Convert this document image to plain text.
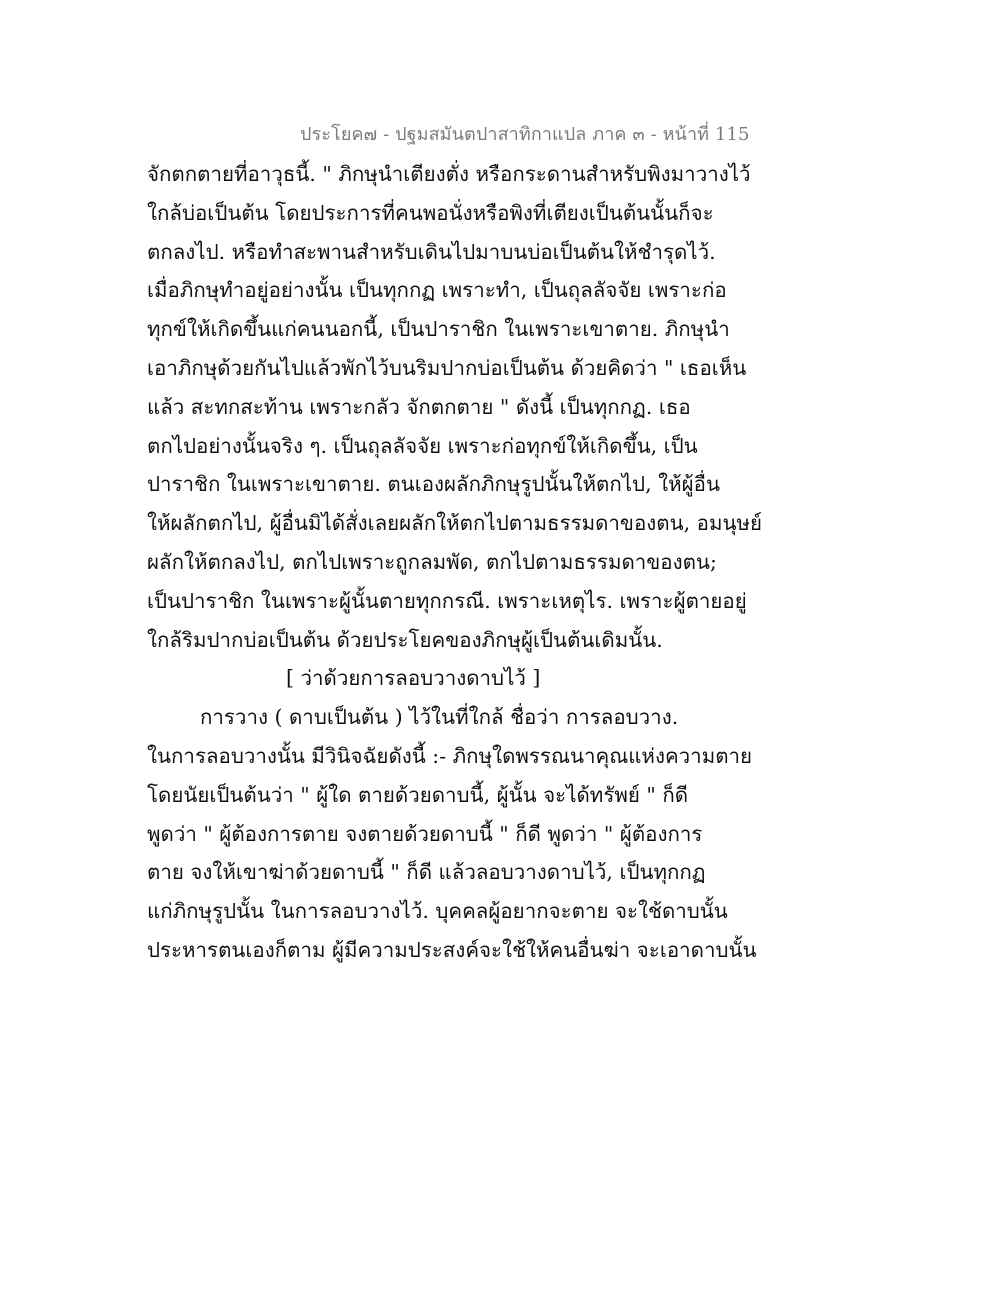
ประโยค๗ - ปฐมสมันตปาสาทิกาแปล ภาค ๓ - หน้าที่ 115
จักตกตายที่อาวุธนี้. " ภิกษุนำเตียงตั่ง หรือกระดานสำหรับพิงมาวางไว้
ใกล้บ่อเป็นต้น โดยประการที่คนพอนั่งหรือพิงที่เตียงเป็นต้นนั้นก็จะ
ตกลงไป. หรือทำสะพานสำหรับเดินไปมาบนบ่อเป็นต้นให้ชำรุดไว้.
เมื่อภิกษุทำอยู่อย่างนั้น เป็นทุกกฏ เพราะทำ, เป็นถุลลัจจัย เพราะก่อ
ทุกข์ให้เกิดขึ้นแก่คนนอกนี้, เป็นปาราชิก ในเพราะเขาตาย. ภิกษุนำ
เอาภิกษุด้วยกันไปแล้วพักไว้บนริมปากบ่อเป็นต้น ด้วยคิดว่า " เธอเห็น
แล้ว สะทกสะท้าน เพราะกลัว จักตกตาย " ดังนี้ เป็นทุกกฏ. เธอ
ตกไปอย่างนั้นจริง ๆ. เป็นถุลลัจจัย เพราะก่อทุกข์ให้เกิดขึ้น, เป็น
ปาราชิก ในเพราะเขาตาย. ตนเองผลักภิกษุรูปนั้นให้ตกไป, ให้ผู้อื่น
ให้ผลักตกไป, ผู้อื่นมิได้สั่งเลยผลักให้ตกไปตามธรรมดาของตน, อมนุษย์
ผลักให้ตกลงไป, ตกไปเพราะถูกลมพัด, ตกไปตามธรรมดาของตน;
เป็นปาราชิก ในเพราะผู้นั้นตายทุกกรณี. เพราะเหตุไร. เพราะผู้ตายอยู่
ใกล้ริมปากบ่อเป็นต้น ด้วยประโยคของภิกษุผู้เป็นต้นเดิมนั้น.
[ ว่าด้วยการลอบวางดาบไว้ ]
การวาง ( ดาบเป็นต้น ) ไว้ในที่ใกล้ ชื่อว่า การลอบวาง.
ในการลอบวางนั้น มีวินิจฉัยดังนี้ :- ภิกษุใดพรรณนาคุณแห่งความตาย
โดยนัยเป็นต้นว่า " ผู้ใด ตายด้วยดาบนี้, ผู้นั้น จะได้ทรัพย์ " ก็ดี
พูดว่า " ผู้ต้องการตาย จงตายด้วยดาบนี้ " ก็ดี พูดว่า " ผู้ต้องการ
ตาย จงให้เขาฆ่าด้วยดาบนี้ " ก็ดี แล้วลอบวางดาบไว้, เป็นทุกกฏ
แก่ภิกษุรูปนั้น ในการลอบวางไว้. บุคคลผู้อยากจะตาย จะใช้ดาบนั้น
ประหารตนเองก็ตาม ผู้มีความประสงค์จะใช้ให้คนอื่นฆ่า จะเอาดาบนั้น
